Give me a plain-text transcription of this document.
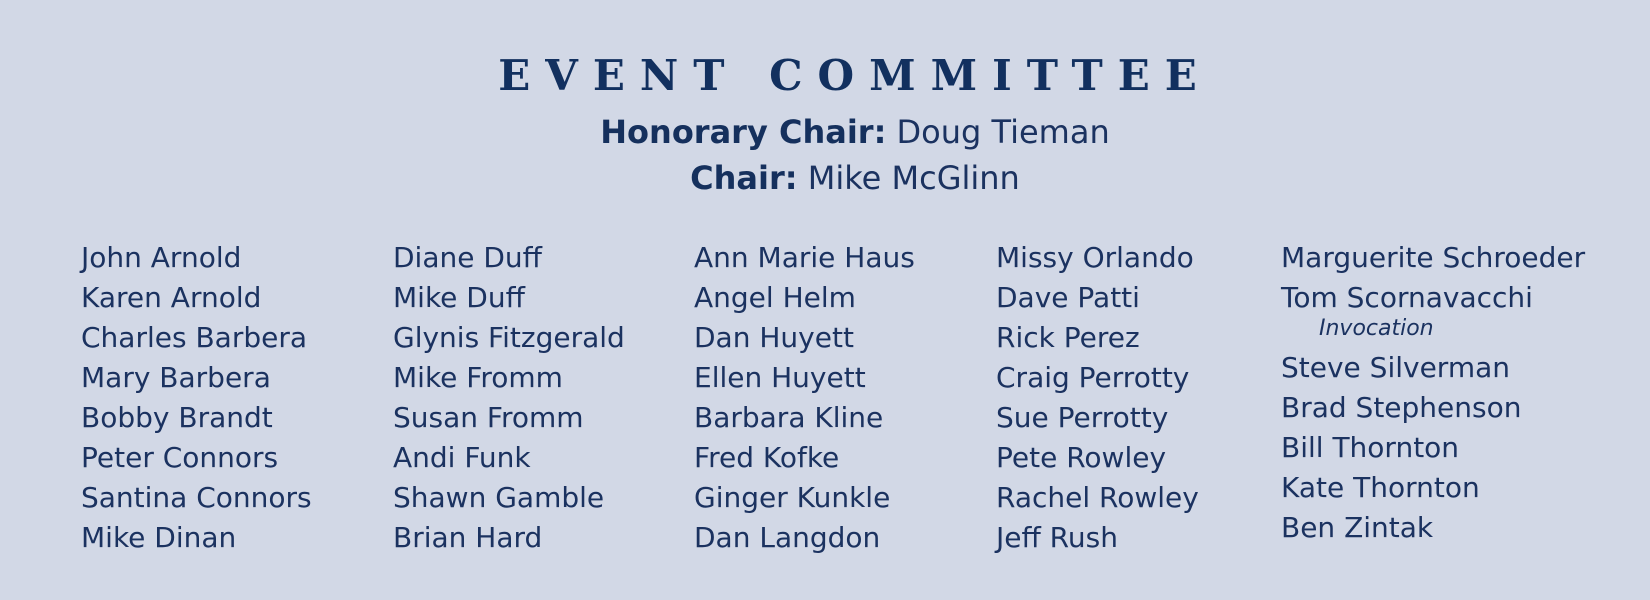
EVENT COMMITTEE
Honorary Chair: Doug Tieman
Chair: Mike McGlinn
John Arnold
Karen Arnold
Charles Barbera
Mary Barbera
Bobby Brandt
Peter Connors
Santina Connors
Mike Dinan
Diane Duff
Mike Duff
Glynis Fitzgerald
Mike Fromm
Susan Fromm
Andi Funk
Shawn Gamble
Brian Hard
Ann Marie Haus
Angel Helm
Dan Huyett
Ellen Huyett
Barbara Kline
Fred Kofke
Ginger Kunkle
Dan Langdon
Missy Orlando
Dave Patti
Rick Perez
Craig Perrotty
Sue Perrotty
Pete Rowley
Rachel Rowley
Jeff Rush
Marguerite Schroeder
Tom Scornavacchi
Invocation
Steve Silverman
Brad Stephenson
Bill Thornton
Kate Thornton
Ben Zintak
